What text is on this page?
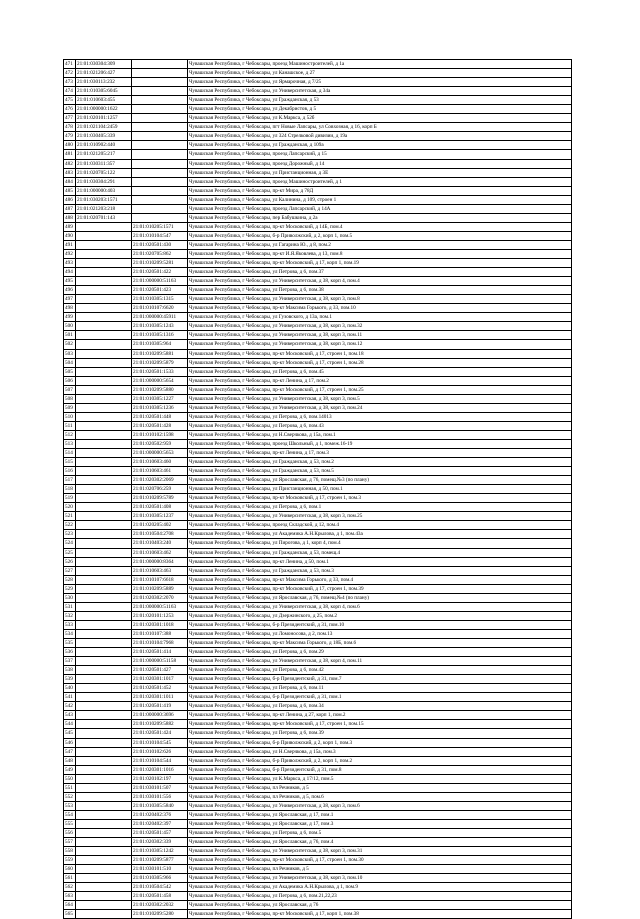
471	21:01:030304:309		Чувашская Республика, г Чебоксары, проезд Машиностроителей, д 1а
472	21:01:021206:427		Чувашская Республика, г Чебоксары, ул Канашское, д 27
473	21:01:030113:232		Чувашская Республика, г Чебоксары, ул Ярмарочная, д 7/25
474	21:01:010305:6045		Чувашская Республика, г Чебоксары, ул Университетская, д 34а
475	21:01:010603:455		Чувашская Республика, г Чебоксары, ул Гражданская, д 53
476	21:01:000000:1622		Чувашская Республика, г Чебоксары, ул Декабристов, д 5
477	21:01:020101:1257		Чувашская Республика, г Чебоксары, ул К.Маркса, д 52б
478	21:01:021104:2459		Чувашская Республика, г Чебоксары, пгт Новые Лапсары, ул Совхозная, д 16, корп Б
479	21:01:030405:339		Чувашская Республика, г Чебоксары, ул 324 Стрелковой дивизии, д 19а
480	21:01:010902:440		Чувашская Республика, г Чебоксары, ул Гражданская, д 109а
481	21:01:021205:217		Чувашская Республика, г Чебоксары, проезд Лапсарский, д 15
482	21:01:030311:357		Чувашская Республика, г Чебоксары, проезд Дорожный, д 14
483	21:01:020705:122		Чувашская Республика, г Чебоксары, ул Пристанционная, д 3Е
484	21:01:030304:291		Чувашская Республика, г Чебоксары, проезд Машиностроителей, д 1
485	21:01:000000:403		Чувашская Республика, г Чебоксары, пр-кт Мира, д 78Д
486	21:01:030203:1571		Чувашская Республика, г Чебоксары, ул Калинина, д 109, строен 1
487	21:01:021203:218		Чувашская Республика, г Чебоксары, проезд Лапсарский, д 14А
488	21:01:020701:143		Чувашская Республика, г Чебоксары, пер Бабушкина, д 2а
489		21:01:010205:1571	Чувашская Республика, г Чебоксары, пр-кт Московский, д 14Б, пом.4
490		21:01:010104:547	Чувашская Республика, г Чебоксары, б-р Приволжский, д 2, корп 1, пом.5
491		21:01:020501:430	Чувашская Республика, г Чебоксары, ул Гагарина Ю., д 8, пом.2
492		21:01:020705:862	Чувашская Республика, г Чебоксары, пр-кт И.Я.Яковлева, д 13, пом.8
493		21:01:010209:5281	Чувашская Республика, г Чебоксары, пр-кт Московский, д 17, корп 1, пом.19
494		21:01:020501:422	Чувашская Республика, г Чебоксары, ул Петрова, д 6, пом.37
495		21:01:000000:51163	Чувашская Республика, г Чебоксары, ул Университетская, д 38, корп 4, пом.4
496		21:01:020501:423	Чувашская Республика, г Чебоксары, ул Петрова, д 6, пом.38
497		21:01:010305:1315	Чувашская Республика, г Чебоксары, ул Университетская, д 38, корп 3, пом.8
498		21:01:010107:6620	Чувашская Республика, г Чебоксары, пр-кт Максима Горького, д 33, пом.10
499		21:01:000000:45911	Чувашская Республика, г Чебоксары, ул Гузовского, д 13а, пом.1
500		21:01:010305:1243	Чувашская Республика, г Чебоксары, ул Университетская, д 38, корп 3, пом.32
501		21:01:010305:1316	Чувашская Республика, г Чебоксары, ул Университетская, д 38, корп 3, пом.11
502		21:01:010305:964	Чувашская Республика, г Чебоксары, ул Университетская, д 38, корп 3, пом.12
503		21:01:010209:5881	Чувашская Республика, г Чебоксары, пр-кт Московский, д 17, строен 1, пом.18
504		21:01:010209:5879	Чувашская Республика, г Чебоксары, пр-кт Московский, д 17, строен 1, пом.28
505		21:01:020501:1533	Чувашская Республика, г Чебоксары, ул Петрова, д 6, пом.45
506		21:01:000000:5654	Чувашская Республика, г Чебоксары, пр-кт Ленина, д 17, пом.2
507		21:01:010209:5880	Чувашская Республика, г Чебоксары, пр-кт Московский, д 17, строен 1, пом.25
508		21:01:010305:1227	Чувашская Республика, г Чебоксары, ул Университетская, д 38, корп 3, пом.5
509		21:01:010305:1236	Чувашская Республика, г Чебоксары, ул Университетская, д 38, корп 3, пом.24
510		21:01:020501:448	Чувашская Республика, г Чебоксары, ул Петрова, д 6, пом.14013
511		21:01:020501:428	Чувашская Республика, г Чебоксары, ул Петрова, д 6, пом.43
512		21:01:010102:1598	Чувашская Республика, г Чебоксары, ул Н.Сверчкова, д 15а, пом.1
513		21:01:020502:959	Чувашская Республика, г Чебоксары, проезд Школьный, д 1, помеж.16-19
514		21:01:000000:5653	Чувашская Республика, г Чебоксары, пр-кт Ленина, д 17, пом.3
515		21:01:010603:460	Чувашская Республика, г Чебоксары, ул Гражданская, д 53, пом.2
516		21:01:010603:461	Чувашская Республика, г Чебоксары, ул Гражданская, д 53, пом.5
517		21:01:020302:2069	Чувашская Республика, г Чебоксары, ул Ярославская, д 76, помещ.№3 (по плану)
518		21:01:020706:259	Чувашская Республика, г Чебоксары, ул Пристанционная, д 50, пом.1
519		21:01:010209:5789	Чувашская Республика, г Чебоксары, пр-кт Московский, д 17, строен 1, пом.3
520		21:01:020501:408	Чувашская Республика, г Чебоксары, ул Петрова, д 6, пом.1
521		21:01:010305:1237	Чувашская Республика, г Чебоксары, ул Университетская, д 38, корп 3, пом.25
522		21:01:020205:402	Чувашская Республика, г Чебоксары, проезд Складской, д 12, пом.4
523		21:01:010504:2708	Чувашская Республика, г Чебоксары, ул Академика А.Н.Крылова, д 1, пом.43а
524		21:01:010403:240	Чувашская Республика, г Чебоксары, ул Пирогова, д 1, корп 4, пом.4
525		21:01:010603:462	Чувашская Республика, г Чебоксары, ул Гражданская, д 53, помещ.4
526		21:01:000000:8364	Чувашская Республика, г Чебоксары, пр-кт Ленина, д 50, пом.1
527		21:01:010603:463	Чувашская Республика, г Чебоксары, ул Гражданская, д 53, пом.3
528		21:01:010107:6618	Чувашская Республика, г Чебоксары, пр-кт Максима Горького, д 33, пом.4
529		21:01:010209:5889	Чувашская Республика, г Чебоксары, пр-кт Московский, д 17, строен 1, пом.39
530		21:01:020302:2070	Чувашская Республика, г Чебоксары, ул Ярославская, д 76, помещ.№4 (по плану)
531		21:01:000000:51163	Чувашская Республика, г Чебоксары, ул Университетская, д 38, корп 4, пом.6
532		21:01:020101:1253	Чувашская Республика, г Чебоксары, ул Дзержинского, д 25, пом.2
533		21:01:020301:1018	Чувашская Республика, г Чебоксары, б-р Президентский, д 31, пом.10
534		21:01:010107:388	Чувашская Республика, г Чебоксары, ул Ломоносова, д 2, пом.13
535		21:01:010104:7968	Чувашская Республика, г Чебоксары, пр-кт Максима Горького, д 18Б, пом.6
536		21:01:020501:414	Чувашская Республика, г Чебоксары, ул Петрова, д 6, пом.29
537		21:01:000000:51158	Чувашская Республика, г Чебоксары, ул Университетская, д 38, корп 4, пом.11
538		21:01:020501:427	Чувашская Республика, г Чебоксары, ул Петрова, д 6, пом.42
539		21:01:020301:1017	Чувашская Республика, г Чебоксары, б-р Президентский, д 31, пом.7
540		21:01:020501:452	Чувашская Республика, г Чебоксары, ул Петрова, д 6, пом.11
541		21:01:020301:1011	Чувашская Республика, г Чебоксары, б-р Президентский, д 31, пом.1
542		21:01:020501:419	Чувашская Республика, г Чебоксары, ул Петрова, д 6, пом.34
543		21:01:000000:3696	Чувашская Республика, г Чебоксары, пр-кт Ленина, д 27, корп 1, пом.2
544		21:01:010209:5882	Чувашская Республика, г Чебоксары, пр-кт Московский, д 17, строен 1, пом.15
545		21:01:020501:424	Чувашская Республика, г Чебоксары, ул Петрова, д 6, пом.39
546		21:01:010104:545	Чувашская Республика, г Чебоксары, б-р Приволжский, д 2, корп 1, пом.3
547		21:01:010102:626	Чувашская Республика, г Чебоксары, ул Н.Сверчкова, д 15а, пом.3
548		21:01:010104:544	Чувашская Республика, г Чебоксары, б-р Приволжский, д 2, корп 1, пом.2
549		21:01:020301:1016	Чувашская Республика, г Чебоксары, б-р Президентский, д 31, пом.8
550		21:01:020102:197	Чувашская Республика, г Чебоксары, ул К.Маркса, д 17/12, пом.5
551		21:01:030101:507	Чувашская Республика, г Чебоксары, пл Речников, д 5
552		21:01:030101:556	Чувашская Республика, г Чебоксары, пл Речников, д 5, пом.6
553		21:01:010305:5840	Чувашская Республика, г Чебоксары, ул Университетская, д 38, корп 3, пом.6
554		21:01:020402:376	Чувашская Республика, г Чебоксары, ул Ярославская, д 17, пом.1
555		21:01:020402:397	Чувашская Республика, г Чебоксары, ул Ярославская, д 17, пом.3
556		21:01:020501:457	Чувашская Республика, г Чебоксары, ул Петрова, д 6, пом.5
557		21:01:020302:339	Чувашская Республика, г Чебоксары, ул Ярославская, д 76, пом.4
558		21:01:010305:1242	Чувашская Республика, г Чебоксары, ул Университетская, д 38, корп 3, пом.31
559		21:01:010209:5877	Чувашская Республика, г Чебоксары, пр-кт Московский, д 17, строен 1, пом.30
560		21:01:030101:510	Чувашская Республика, г Чебоксары, пл Речников, д 5
561		21:01:010305:966	Чувашская Республика, г Чебоксары, ул Университетская, д 38, корп 3, пом.10
562		21:01:010504:542	Чувашская Республика, г Чебоксары, ул Академика А.Н.Крылова, д 1, пом.9
563		21:01:020501:458	Чувашская Республика, г Чебоксары, ул Петрова, д 6, пом.21,22,23
564		21:01:020302:2032	Чувашская Республика, г Чебоксары, ул Ярославская, д 76
565		21:01:010209:5280	Чувашская Республика, г Чебоксары, пр-кт Московский, д 17, корп 1, пом.38
